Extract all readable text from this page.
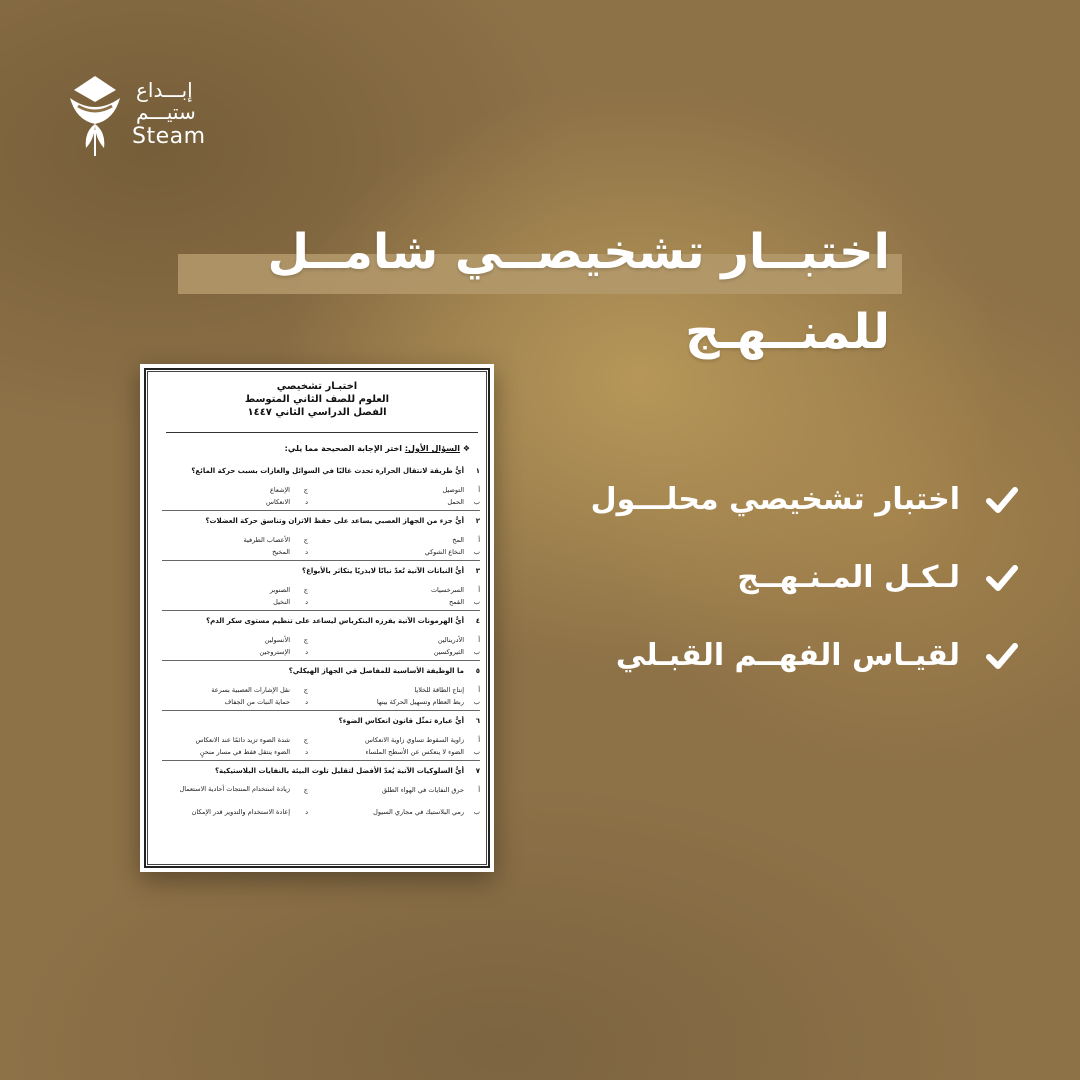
إبـــداع
ستيـــم
Steam
اختبــار تشخيصــي شامــل للمنــهـج
اختبـار تشخيصي
العلوم للصف الثاني المتوسط
الفصل الدراسي الثاني ١٤٤٧
❖ السؤال الأول: اختر الإجابة الصحيحة مما يلي:
١
أيُّ طريقة لانتقال الحرارة تحدث غالبًا في السوائل والغازات بسبب حركة المائع؟
أ
التوصيل
ج
الإشعاع
ب
الحمل
د
الانعكاس
٢
أيُّ جزء من الجهاز العصبي يساعد على حفظ الاتزان وتناسق حركة العضلات؟
أ
المخ
ج
الأعصاب الطرفية
ب
النخاع الشوكي
د
المخيخ
٣
أيُّ النباتات الآتية تُعدّ نباتًا لابذريًا يتكاثر بالأبواغ؟
أ
السرخسيات
ج
الصنوبر
ب
القمح
د
النخيل
٤
أيُّ الهرمونات الآتية يفرزه البنكرياس ليساعد على تنظيم مستوى سكر الدم؟
أ
الأدرينالين
ج
الأنسولين
ب
الثيروكسين
د
الإستروجين
٥
ما الوظيفة الأساسية للمفاصل في الجهاز الهيكلي؟
أ
إنتاج الطاقة للخلايا
ج
نقل الإشارات العصبية بسرعة
ب
ربط العظام وتسهيل الحركة بينها
د
حماية النبات من الجفاف
٦
أيُّ عبارة تمثّل قانون انعكاس الضوء؟
أ
زاوية السقوط تساوي زاوية الانعكاس
ج
شدة الضوء تزيد دائمًا عند الانعكاس
ب
الضوء لا ينعكس عن الأسطح الملساء
د
الضوء ينتقل فقط في مسار منحنٍ
٧
أيُّ السلوكيات الآتية يُعدّ الأفضل لتقليل تلوث البيئة بالنفايات البلاستيكية؟
أ
حرق النفايات في الهواء الطلق
ج
زيادة استخدام المنتجات أحادية الاستعمال
ب
رمي البلاستيك في مجاري السيول
د
إعادة الاستخدام والتدوير قدر الإمكان
اختبار تشخيصي محلـــول
لـكـل المـنـهــج
لقيـاس الفهــم القبـلي
